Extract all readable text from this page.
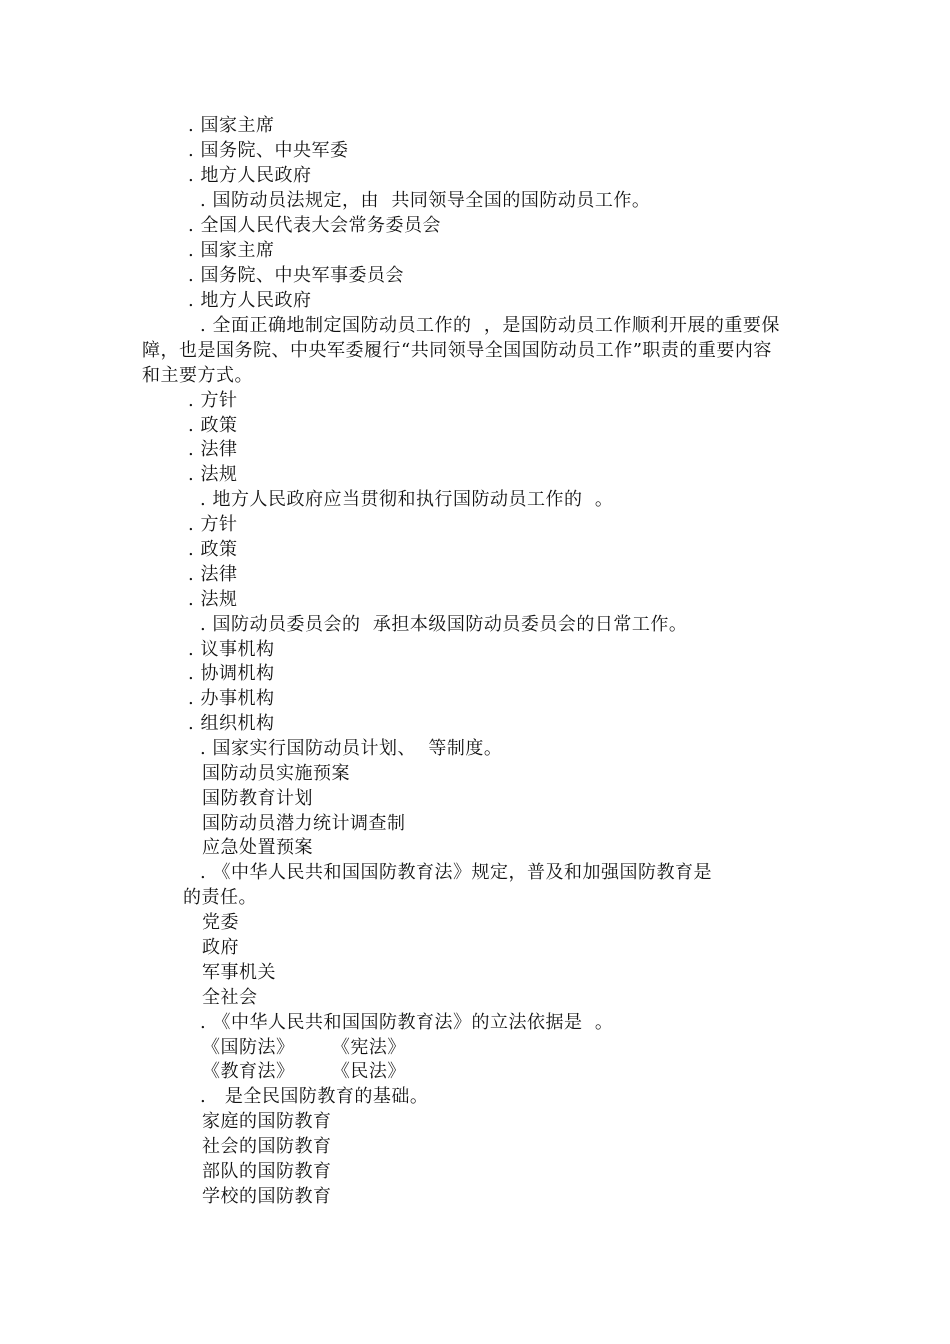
. 国家主席
. 国务院、中央军委
. 地方人民政府
. 国防动员法规定，由  共同领导全国的国防动员工作。
. 全国人民代表大会常务委员会
. 国家主席
. 国务院、中央军事委员会
. 地方人民政府
. 全面正确地制定国防动员工作的  ，是国防动员工作顺利开展的重要保
障，也是国务院、中央军委履行“共同领导全国国防动员工作”职责的重要内容
和主要方式。
. 方针
. 政策
. 法律
. 法规
. 地方人民政府应当贯彻和执行国防动员工作的  。
. 方针
. 政策
. 法律
. 法规
. 国防动员委员会的  承担本级国防动员委员会的日常工作。
. 议事机构
. 协调机构
. 办事机构
. 组织机构
. 国家实行国防动员计划、  等制度。
国防动员实施预案
国防教育计划
国防动员潜力统计调查制
应急处置预案
. 《中华人民共和国国防教育法》规定，普及和加强国防教育是
的责任。
党委
政府
军事机关
全社会
. 《中华人民共和国国防教育法》的立法依据是  。
《国防法》      《宪法》
《教育法》      《民法》
.   是全民国防教育的基础。
家庭的国防教育
社会的国防教育
部队的国防教育
学校的国防教育
